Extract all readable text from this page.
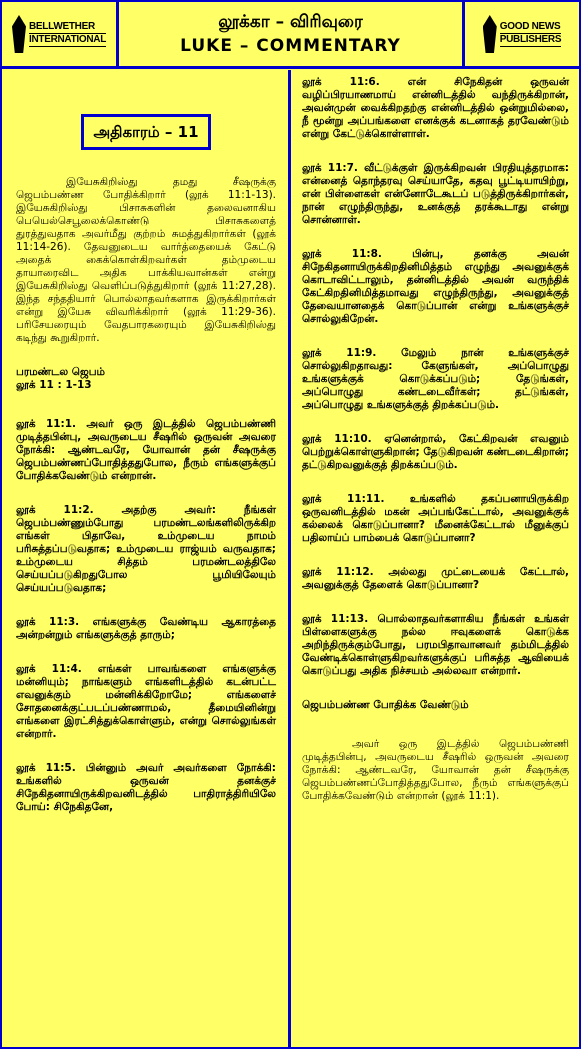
BELLWETHER
INTERNATIONAL
லூக்கா – விரிவுரை
LUKE – COMMENTARY
GOOD NEWS
PUBLISHERS
அதிகாரம் – 11

இயேசுகிறிஸ்து தமது சீஷருக்கு ஜெபம்பண்ண போதிக்கிறார் (லூக் 11:1-13). இயேசுகிறிஸ்து பிசாசுகளின் தலைவனாகிய பெயெல்செபூலைக்கொண்டு பிசாசுகளைத் துரத்துவதாக அவர்மீது குற்றம் சுமத்துகிறார்கள் (லூக் 11:14-26). தேவனுடைய வார்த்தையைக் கேட்டு அதைக் கைக்கொள்கிறவர்கள் தம்முடைய தாயாரைவிட அதிக பாக்கியவான்கள் என்று இயேசுகிறிஸ்து வெளிப்படுத்துகிறார் (லூக் 11:27,28). இந்த சந்ததியார் பொல்லாதவர்களாக இருக்கிறார்கள் என்று இயேசு விவரிக்கிறார் (லூக் 11:29-36). பரிசேயரையும் வேதபாரகரையும் இயேசுகிறிஸ்து கடிந்து கூறுகிறார்.

பரமண்டல ஜெபம்

லூக் 11 : 1-13

லூக் 11:1. அவர் ஒரு இடத்தில் ஜெபம்பண்ணி முடித்தபின்பு, அவருடைய சீஷரில் ஒருவன் அவரை நோக்கி: ஆண்டவரே, யோவான் தன் சீஷருக்கு ஜெபம்பண்ணப்போதித்ததுபோல, நீரும் எங்களுக்குப் போதிக்கவேண்டும் என்றான்.

லூக் 11:2. அதற்கு அவர்: நீங்கள் ஜெபம்பண்ணும்போது பரமண்டலங்களிலிருக்கிற எங்கள் பிதாவே, உம்முடைய நாமம் பரிசுத்தப்படுவதாக; உம்முடைய ராஜ்யம் வருவதாக; உம்முடைய சித்தம் பரமண்டலத்திலே செய்யப்படுகிறதுபோல பூமியிலேயும் செய்யப்படுவதாக;

லூக் 11:3. எங்களுக்கு வேண்டிய ஆகாரத்தை அன்றன்றும் எங்களுக்குத் தாரும்;

லூக் 11:4. எங்கள் பாவங்களை எங்களுக்கு மன்னியும்; நாங்களும் எங்களிடத்தில் கடன்பட்ட எவனுக்கும் மன்னிக்கிறோமே; எங்களைச் சோதனைக்குட்படப்பண்ணாமல், தீமையினின்று எங்களை இரட்சித்துக்கொள்ளும், என்று சொல்லுங்கள் என்றார்.

லூக் 11:5. பின்னும் அவர் அவர்களை நோக்கி: உங்களில் ஒருவன் தனக்குச் சிநேகிதனாயிருக்கிறவனிடத்தில் பாதிராத்திரியிலே போய்: சிநேகிதனே,

லூக் 11:6. என் சிநேகிதன் ஒருவன் வழிப்பிரயாணமாய் என்னிடத்தில் வந்திருக்கிறான், அவன்முன் வைக்கிறதற்கு என்னிடத்தில் ஒன்றுமில்லை, நீ மூன்று அப்பங்களை எனக்குக் கடனாகத் தரவேண்டும் என்று கேட்டுக்கொள்ளாள்.

லூக் 11:7. வீட்டுக்குள் இருக்கிறவன் பிரதியுத்தரமாக: என்னைத் தொந்தரவு செய்யாதே, கதவு பூட்டியாயிற்று, என் பிள்ளைகள் என்னோடேகூடப் படுத்திருக்கிறார்கள், நான் எழுந்திருந்து, உனக்குத் தரக்கூடாது என்று சொன்னாள்.

லூக் 11:8. பின்பு, தனக்கு அவன் சிநேகிதனாயிருக்கிறதினிமித்தம் எழுந்து அவனுக்குக் கொடாவிட்டாலும், தன்னிடத்தில் அவன் வருந்திக் கேட்கிறதினிமித்தமாவது எழுந்திருந்து, அவனுக்குத் தேவையானதைக் கொடுப்பான் என்று உங்களுக்குச் சொல்லுகிறேன்.

லூக் 11:9. மேலும் நான் உங்களுக்குச் சொல்லுகிறதாவது: கேளுங்கள், அப்பொழுது உங்களுக்குக் கொடுக்கப்படும்; தேடுங்கள், அப்பொழுது கண்டடைவீர்கள்; தட்டுங்கள், அப்பொழுது உங்களுக்குத் திறக்கப்படும்.

லூக் 11:10. ஏனென்றால், கேட்கிறவன் எவனும் பெற்றுக்கொள்ளுகிறான்; தேடுகிறவன் கண்டடைகிறான்; தட்டுகிறவனுக்குத் திறக்கப்படும்.

லூக் 11:11. உங்களில் தகப்பனாயிருக்கிற ஒருவனிடத்தில் மகன் அப்பங்கேட்டால், அவனுக்குக் கல்லைக் கொடுப்பானா? மீனைக்கேட்டால் மீனுக்குப் பதிலாய்ப் பாம்பைக் கொடுப்பானா?

லூக் 11:12. அல்லது முட்டையைக் கேட்டால், அவனுக்குத் தேளைக் கொடுப்பானா?

லூக் 11:13. பொல்லாதவர்களாகிய நீங்கள் உங்கள் பிள்ளைகளுக்கு நல்ல ஈவுகளைக் கொடுக்க அறிந்திருக்கும்போது, பரமபிதாவானவர் தம்மிடத்தில் வேண்டிக்கொள்ளுகிறவர்களுக்குப் பரிசுத்த ஆவியைக் கொடுப்பது அதிக நிச்சயம் அல்லவா என்றார்.

ஜெபம்பண்ண போதிக்க வேண்டும்

அவர் ஒரு இடத்தில் ஜெபம்பண்ணி முடித்தபின்பு, அவருடைய சீஷரில் ஒருவன் அவரை நோக்கி: ஆண்டவரே, யோவான் தன் சீஷருக்கு ஜெபம்பண்ணப்போதித்ததுபோல, நீரும் எங்களுக்குப் போதிக்கவேண்டும் என்றான் (லூக் 11:1).
